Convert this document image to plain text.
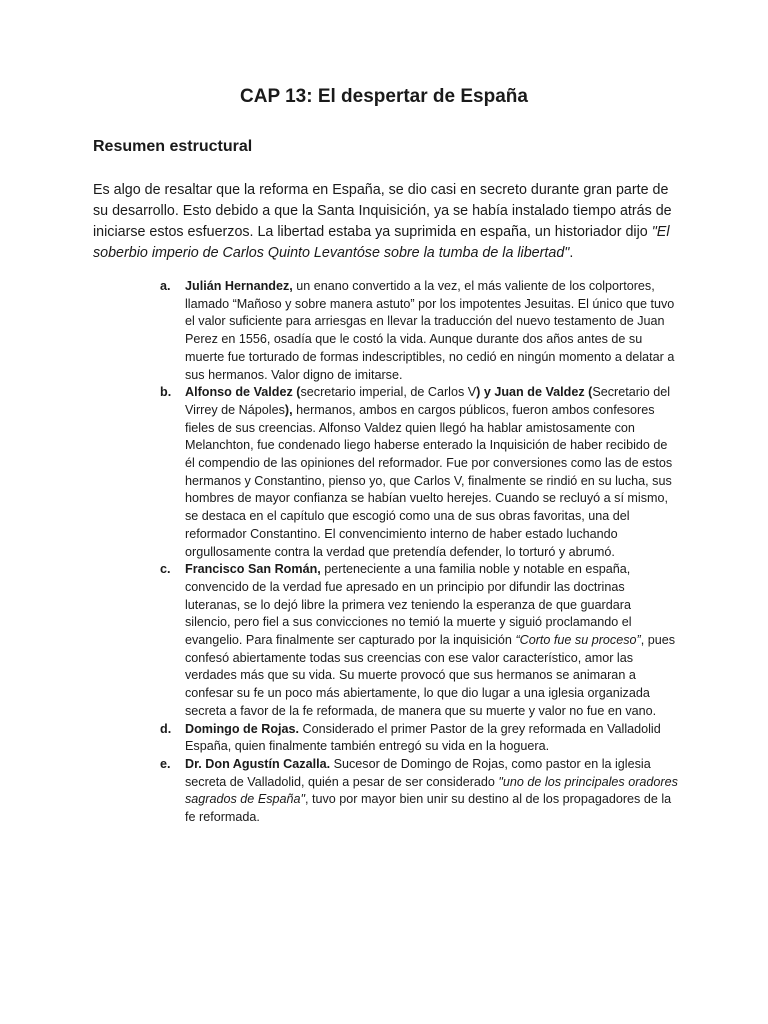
CAP 13: El despertar de España
Resumen estructural

Es algo de resaltar que la reforma en España, se dio casi en secreto durante gran parte de su desarrollo. Esto debido a que la Santa Inquisición, ya se había instalado tiempo atrás de iniciarse estos esfuerzos. La libertad estaba ya suprimida en españa, un historiador dijo "El soberbio imperio de Carlos Quinto Levantóse sobre la tumba de la libertad".

a. Julián Hernandez, un enano convertido a la vez, el más valiente de los colportores, llamado “Mañoso y sobre manera astuto” por los impotentes Jesuitas. El único que tuvo el valor suficiente para arriesgas en llevar la traducción del nuevo testamento de Juan Perez en 1556, osadía que le costó la vida. Aunque durante dos años antes de su muerte fue torturado de formas indescriptibles, no cedió en ningún momento a delatar a sus hermanos. Valor digno de imitarse.
b. Alfonso de Valdez (secretario imperial, de Carlos V) y Juan de Valdez (Secretario del Virrey de Nápoles), hermanos, ambos en cargos públicos, fueron ambos confesores fieles de sus creencias. Alfonso Valdez quien llegó ha hablar amistosamente con Melanchton, fue condenado liego haberse enterado la Inquisición de haber recibido de él compendio de las opiniones del reformador. Fue por conversiones como las de estos hermanos y Constantino, pienso yo, que Carlos V, finalmente se rindió en su lucha, sus hombres de mayor confianza se habían vuelto herejes. Cuando se recluyó a sí mismo, se destaca en el capítulo que escogió como una de sus obras favoritas, una del reformador Constantino. El convencimiento interno de haber estado luchando orgullosamente contra la verdad que pretendía defender, lo torturó y abrumó.
c. Francisco San Román, perteneciente a una familia noble y notable en españa, convencido de la verdad fue apresado en un principio por difundir las doctrinas luteranas, se lo dejó libre la primera vez teniendo la esperanza de que guardara silencio, pero fiel a sus convicciones no temió la muerte y siguió proclamando el evangelio. Para finalmente ser capturado por la inquisición “Corto fue su proceso”, pues confesó abiertamente todas sus creencias con ese valor característico, amor las verdades más que su vida. Su muerte provocó que sus hermanos se animaran a confesar su fe un poco más abiertamente, lo que dio lugar a una iglesia organizada secreta a favor de la fe reformada, de manera que su muerte y valor no fue en vano.
d. Domingo de Rojas. Considerado el primer Pastor de la grey reformada en Valladolid España, quien finalmente también entregó su vida en la hoguera.
e. Dr. Don Agustín Cazalla. Sucesor de Domingo de Rojas, como pastor en la iglesia secreta de Valladolid, quién a pesar de ser considerado "uno de los principales oradores sagrados de España", tuvo por mayor bien unir su destino al de los propagadores de la fe reformada.
